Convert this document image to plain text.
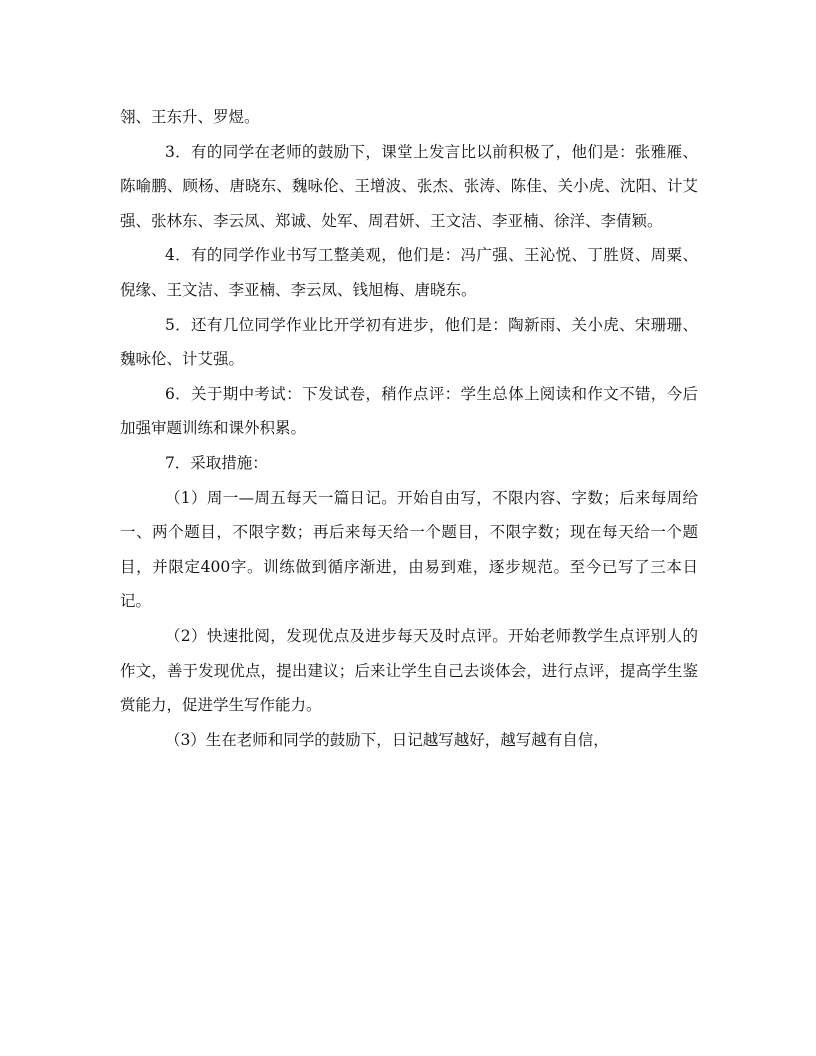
翎、王东升、罗煜。

3．有的同学在老师的鼓励下，课堂上发言比以前积极了，他们是：张雅雁、陈喻鹏、顾杨、唐晓东、魏咏伦、王增波、张杰、张涛、陈佳、关小虎、沈阳、计艾强、张林东、李云凤、郑诚、处军、周君妍、王文洁、李亚楠、徐洋、李倩颖。

4．有的同学作业书写工整美观，他们是：冯广强、王沁悦、丁胜贤、周粟、倪缘、王文洁、李亚楠、李云凤、钱旭梅、唐晓东。

5．还有几位同学作业比开学初有进步，他们是：陶新雨、关小虎、宋珊珊、魏咏伦、计艾强。

6．关于期中考试：下发试卷，稍作点评：学生总体上阅读和作文不错，今后加强审题训练和课外积累。

7．采取措施：

（1）周一—周五每天一篇日记。开始自由写，不限内容、字数；后来每周给一、两个题目，不限字数；再后来每天给一个题目，不限字数；现在每天给一个题目，并限定400字。训练做到循序渐进，由易到难，逐步规范。至今已写了三本日记。

（2）快速批阅，发现优点及进步每天及时点评。开始老师教学生点评别人的作文，善于发现优点，提出建议；后来让学生自己去谈体会，进行点评，提高学生鉴赏能力，促进学生写作能力。

（3）生在老师和同学的鼓励下，日记越写越好，越写越有自信，
